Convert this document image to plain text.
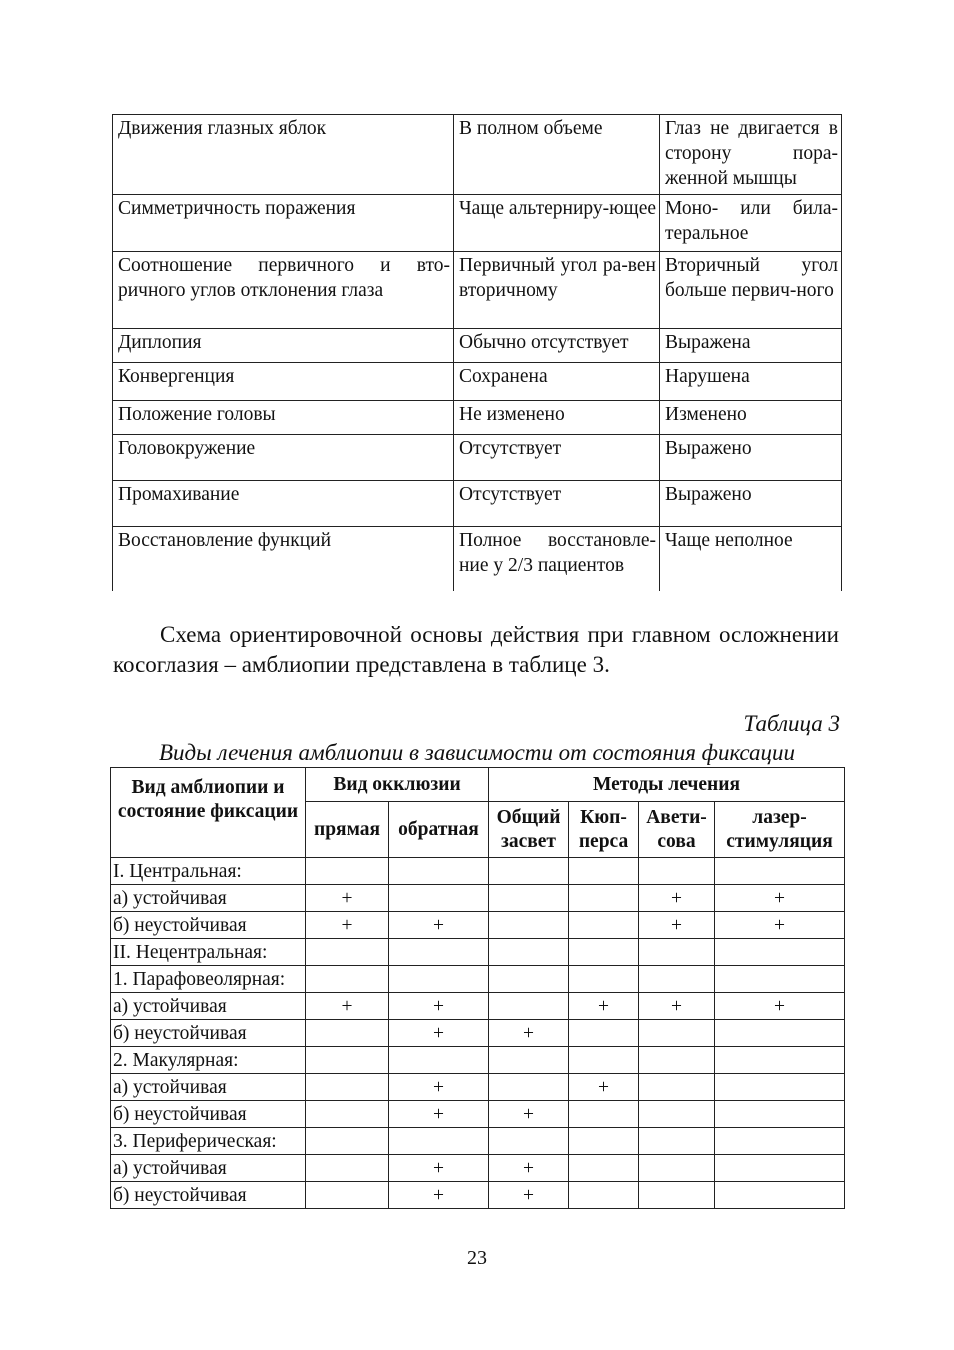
Движения глазных яблок	В полном объеме	Глаз не двигается в сторону пора-женной мышцы
Симметричность поражения	Чаще альтерниру-ющее	Моно- или била-теральное
Соотношение первичного и вто-ричного углов отклонения глаза	Первичный угол ра-вен вторичному	Вторичный угол больше первич-ного
Диплопия	Обычно отсутствует	Выражена
Конвергенция	Сохранена	Нарушена
Положение головы	Не изменено	Изменено
Головокружение	Отсутствует	Выражено
Промахивание	Отсутствует	Выражено
Восстановление функций	Полное восстановле-ние у 2/3 пациентов	Чаще неполное

Схема ориентировочной основы действия при главном осложнении косоглазия – амблиопии представлена в таблице 3.

Таблица 3
Виды лечения амблиопии в зависимости от состояния фиксации
Вид амблиопии и состояние фиксации	Вид окклюзии		Методы лечения			
	прямая	обратная	Общий засвет	Кюп-перса	Авети-сова	лазер-стимуляция
I. Центральная:						
а) устойчивая	+				+	+
б) неустойчивая	+	+			+	+
II. Нецентральная:						
1. Парафовеолярная:						
а) устойчивая	+	+		+	+	+
б) неустойчивая		+	+			
2. Макулярная:						
а) устойчивая		+		+		
б) неустойчивая		+	+			
3. Периферическая:						
а) устойчивая		+	+			
б) неустойчивая		+	+			
23
